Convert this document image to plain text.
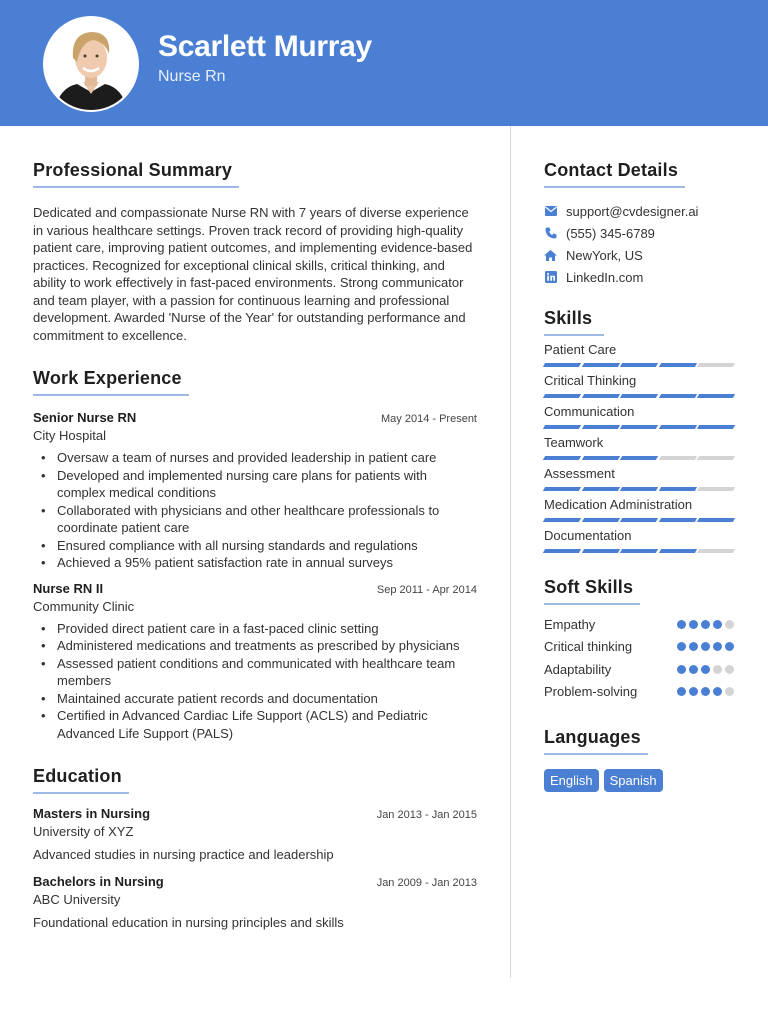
Scarlett Murray
Nurse Rn
Professional Summary

Dedicated and compassionate Nurse RN with 7 years of diverse experience in various healthcare settings. Proven track record of providing high-quality patient care, improving patient outcomes, and implementing evidence-based practices. Recognized for exceptional clinical skills, critical thinking, and ability to work effectively in fast-paced environments. Strong communicator and team player, with a passion for continuous learning and professional development. Awarded 'Nurse of the Year' for outstanding performance and commitment to excellence.

Work Experience
Senior Nurse RN	May 2014 - Present
City Hospital
• Oversaw a team of nurses and provided leadership in patient care
• Developed and implemented nursing care plans for patients with complex medical conditions
• Collaborated with physicians and other healthcare professionals to coordinate patient care
• Ensured compliance with all nursing standards and regulations
• Achieved a 95% patient satisfaction rate in annual surveys
Nurse RN II	Sep 2011 - Apr 2014
Community Clinic
• Provided direct patient care in a fast-paced clinic setting
• Administered medications and treatments as prescribed by physicians
• Assessed patient conditions and communicated with healthcare team members
• Maintained accurate patient records and documentation
• Certified in Advanced Cardiac Life Support (ACLS) and Pediatric Advanced Life Support (PALS)
Education
Masters in Nursing	Jan 2013 - Jan 2015
University of XYZ
Advanced studies in nursing practice and leadership
Bachelors in Nursing	Jan 2009 - Jan 2013
ABC University
Foundational education in nursing principles and skills
Contact Details
support@cvdesigner.ai
(555) 345-6789
NewYork, US
LinkedIn.com
Skills
Patient Care
Critical Thinking
Communication
Teamwork
Assessment
Medication Administration
Documentation
Soft Skills
Empathy
Critical thinking
Adaptability
Problem-solving
Languages
English	Spanish
